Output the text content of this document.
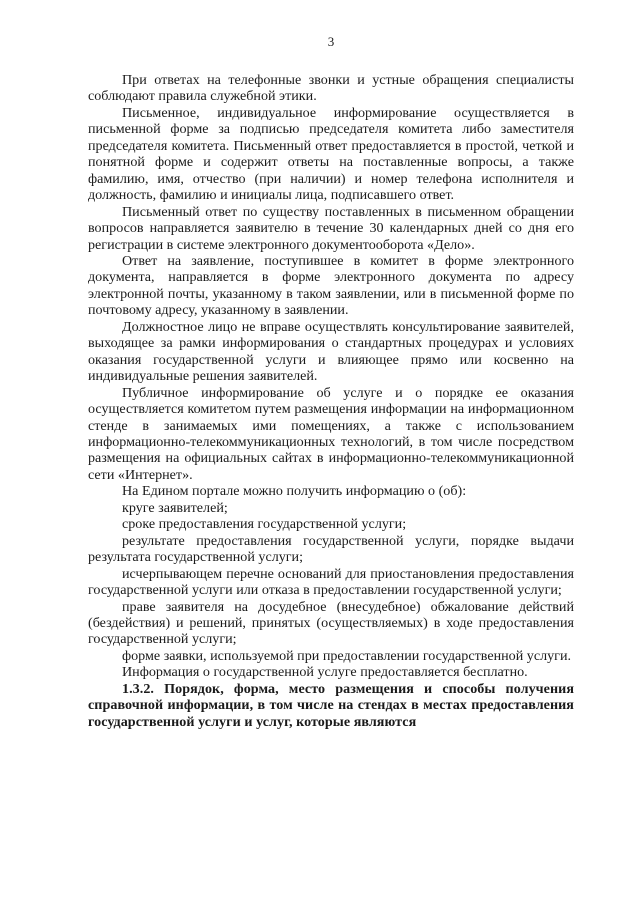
3

При ответах на телефонные звонки и устные обращения специалисты соблюдают правила служебной этики.

Письменное, индивидуальное информирование осуществляется в письменной форме за подписью председателя комитета либо заместителя председателя комитета. Письменный ответ предоставляется в простой, четкой и понятной форме и содержит ответы на поставленные вопросы, а также фамилию, имя, отчество (при наличии) и номер телефона исполнителя и должность, фамилию и инициалы лица, подписавшего ответ.

Письменный ответ по существу поставленных в письменном обращении вопросов направляется заявителю в течение 30 календарных дней со дня его регистрации в системе электронного документооборота «Дело».

Ответ на заявление, поступившее в комитет в форме электронного документа, направляется в форме электронного документа по адресу электронной почты, указанному в таком заявлении, или в письменной форме по почтовому адресу, указанному в заявлении.

Должностное лицо не вправе осуществлять консультирование заявителей, выходящее за рамки информирования о стандартных процедурах и условиях оказания государственной услуги и влияющее прямо или косвенно на индивидуальные решения заявителей.

Публичное информирование об услуге и о порядке ее оказания осуществляется комитетом путем размещения информации на информационном стенде в занимаемых ими помещениях, а также с использованием информационно-телекоммуникационных технологий, в том числе посредством размещения на официальных сайтах в информационно-телекоммуникационной сети «Интернет».

На Едином портале можно получить информацию о (об):

круге заявителей;

сроке предоставления государственной услуги;

результате предоставления государственной услуги, порядке выдачи результата государственной услуги;

исчерпывающем перечне оснований для приостановления предоставления государственной услуги или отказа в предоставлении государственной услуги;

праве заявителя на досудебное (внесудебное) обжалование действий (бездействия) и решений, принятых (осуществляемых) в ходе предоставления государственной услуги;

форме заявки, используемой при предоставлении государственной услуги.

Информация о государственной услуге предоставляется бесплатно.

1.3.2. Порядок, форма, место размещения и способы получения справочной информации, в том числе на стендах в местах предоставления государственной услуги и услуг, которые являются
